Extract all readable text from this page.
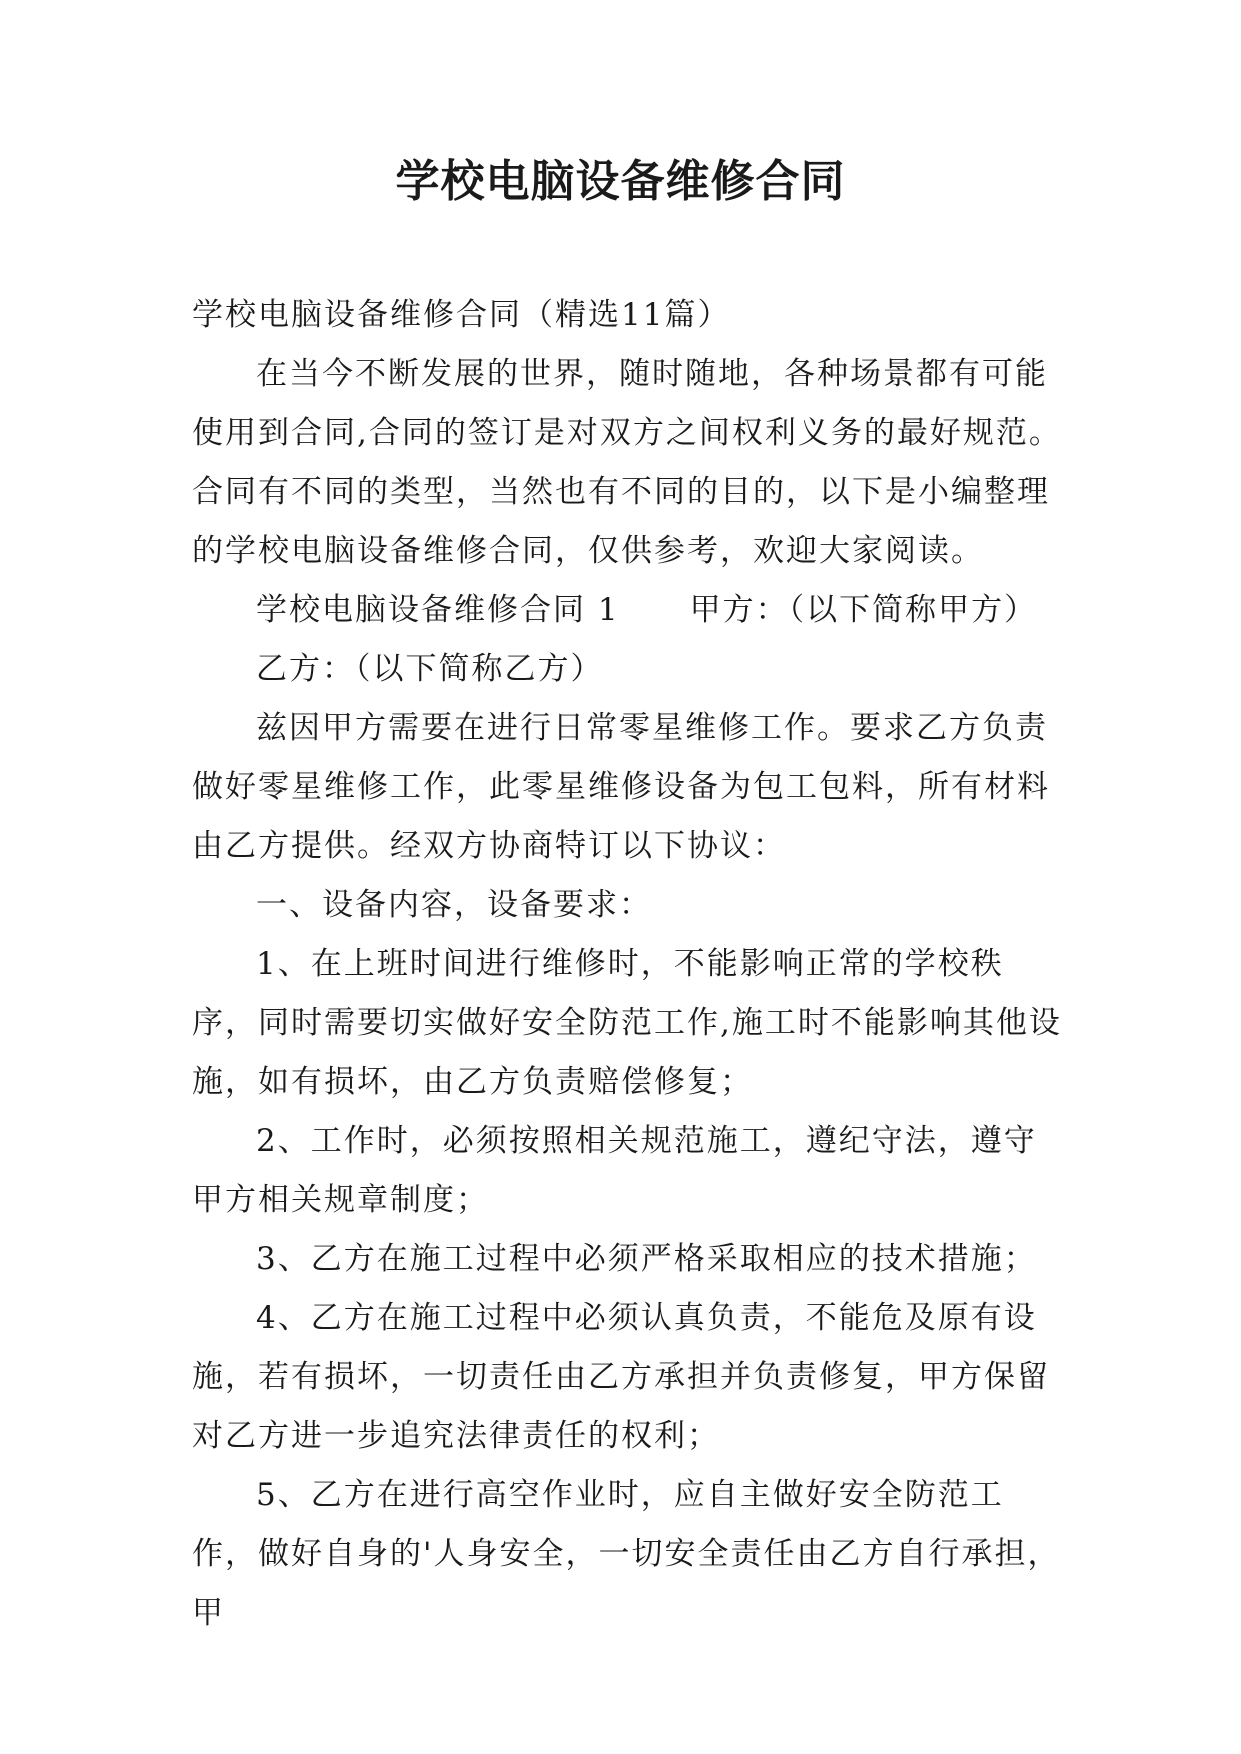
学校电脑设备维修合同

学校电脑设备维修合同（精选11篇）

在当今不断发展的世界，随时随地，各种场景都有可能使用到合同,合同的签订是对双方之间权利义务的最好规范。合同有不同的类型，当然也有不同的目的，以下是小编整理的学校电脑设备维修合同，仅供参考，欢迎大家阅读。

学校电脑设备维修合同 1 甲方：（以下简称甲方）

乙方：（以下简称乙方）

兹因甲方需要在进行日常零星维修工作。要求乙方负责做好零星维修工作，此零星维修设备为包工包料，所有材料由乙方提供。经双方协商特订以下协议：

一、设备内容，设备要求：

1、在上班时间进行维修时，不能影响正常的学校秩序，同时需要切实做好安全防范工作,施工时不能影响其他设施，如有损坏，由乙方负责赔偿修复；

2、工作时，必须按照相关规范施工，遵纪守法，遵守甲方相关规章制度；

3、乙方在施工过程中必须严格采取相应的技术措施；

4、乙方在施工过程中必须认真负责，不能危及原有设施，若有损坏，一切责任由乙方承担并负责修复，甲方保留对乙方进一步追究法律责任的权利；

5、乙方在进行高空作业时，应自主做好安全防范工作，做好自身的'人身安全，一切安全责任由乙方自行承担，甲
